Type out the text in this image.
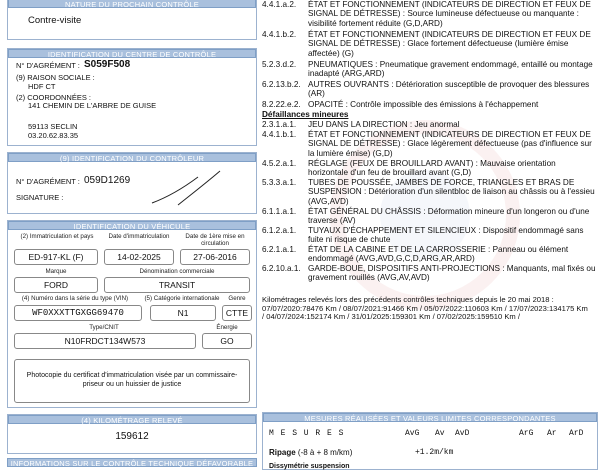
NATURE DU PROCHAIN CONTRÔLE
Contre-visite
IDENTIFICATION DU CENTRE DE CONTRÔLE
N° D'AGRÉMENT : S059F508
(9) RAISON SOCIALE :
HDF CT
(2) COORDONNÉES :
141 CHEMIN DE L'ARBRE DE GUISE
59113 SECLIN
03.20.62.83.35
(9) IDENTIFICATION DU CONTRÔLEUR
N° D'AGRÉMENT : 059D1269
SIGNATURE :
IDENTIFICATION DU VÉHICULE
(2) Immatriculation et pays	Date d'immatriculation	Date de 1ère mise en circulation
ED-917-KL (F)	14-02-2025	27-06-2016
Marque
FORD
Dénomination commerciale
TRANSIT
(4) Numéro dans la série du type (VIN)	(5) Catégorie internationale	Genre
WF0XXXTTGXGG69470	N1	CTTE
Type/CNIT	Énergie
N10FRDCT134W573	GO
Photocopie du certificat d'immatriculation visée par un commissaire-priseur ou un huissier de justice
(4) KILOMÉTRAGE RELEVÉ
159612
INFORMATIONS SUR LE CONTRÔLE TECHNIQUE DÉFAVORABLE
4.4.1.a.2.	ÉTAT ET FONCTIONNEMENT (INDICATEURS DE DIRECTION ET FEUX DE SIGNAL DE DÉTRESSE) : Source lumineuse défectueuse ou manquante : visibilité fortement réduite (G,D,ARD)
4.4.1.b.2.	ÉTAT ET FONCTIONNEMENT (INDICATEURS DE DIRECTION ET FEUX DE SIGNAL DE DÉTRESSE) : Glace fortement défectueuse (lumière émise affectée) (G)
5.2.3.d.2.	PNEUMATIQUES : Pneumatique gravement endommagé, entaillé ou montage inadapté (ARG,ARD)
6.2.13.b.2. AUTRES OUVRANTS : Détérioration susceptible de provoquer des blessures (AR)
8.2.22.e.2. OPACITÉ : Contrôle impossible des émissions à l'échappement
Défaillances mineures
2.3.1.a.1.	JEU DANS LA DIRECTION : Jeu anormal
4.4.1.b.1.	ÉTAT ET FONCTIONNEMENT (INDICATEURS DE DIRECTION ET FEUX DE SIGNAL DE DÉTRESSE) : Glace légèrement défectueuse (pas d'influence sur la lumière émise) (G,D)
4.5.2.a.1.	RÉGLAGE (FEUX DE BROUILLARD AVANT) : Mauvaise orientation horizontale d'un feu de brouillard avant (G,D)
5.3.3.a.1.	TUBES DE POUSSÉE, JAMBES DE FORCE, TRIANGLES ET BRAS DE SUSPENSION : Détérioration d'un silentbloc de liaison au châssis ou à l'essieu (AVG,AVD)
6.1.1.a.1.	ÉTAT GÉNÉRAL DU CHÂSSIS : Déformation mineure d'un longeron ou d'une traverse (AV)
6.1.2.a.1.	TUYAUX D'ÉCHAPPEMENT ET SILENCIEUX : Dispositif endommagé sans fuite ni risque de chute
6.2.1.a.1.	ÉTAT DE LA CABINE ET DE LA CARROSSERIE : Panneau ou élément endommagé (AVG,AVD,G,C,D,ARG,AR,ARD)
6.2.10.a.1. GARDE-BOUE, DISPOSITIFS ANTI-PROJECTIONS : Manquants, mal fixés ou gravement rouillés (AVG,AV,AVD)
Kilométrages relevés lors des précédents contrôles techniques depuis le 20 mai 2018 : 07/07/2020:78476 Km / 08/07/2021:91466 Km / 05/07/2022:110603 Km / 17/07/2023:134175 Km / 04/07/2024:152174 Km / 31/01/2025:159301 Km / 07/02/2025:159510 Km /
MESURES RÉALISÉES ET VALEURS LIMITES CORRESPONDANTES
M E S U R E S	AvG Av AvD	ArG Ar ArD
Ripage (-8 à + 8 m/km)	+1.2m/km
Dissymétrie suspension
